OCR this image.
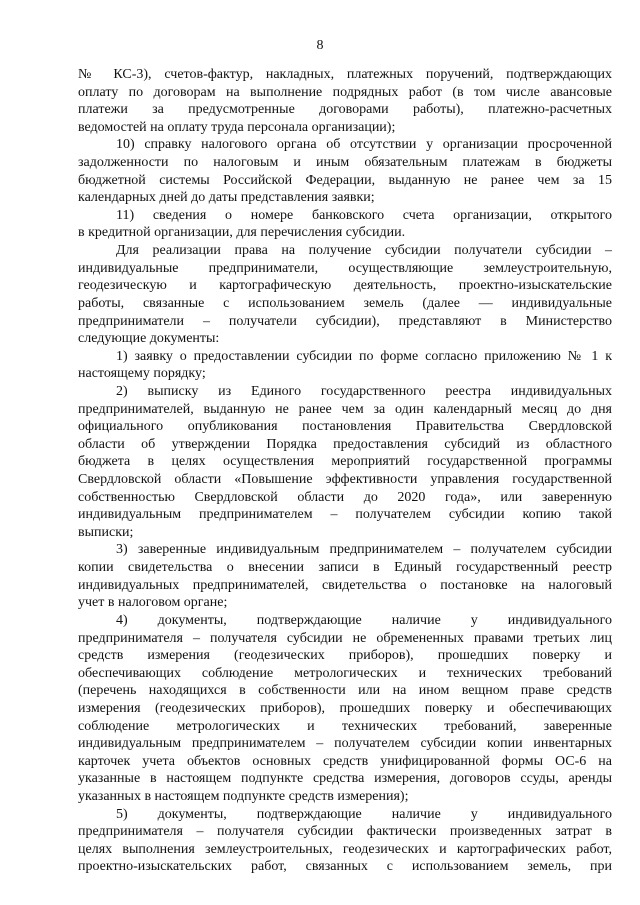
8
№ КС-3), счетов-фактур, накладных, платежных поручений, подтверждающих
оплату по договорам на выполнение подрядных работ (в том числе авансовые
платежи за предусмотренные договорами работы), платежно-расчетных
ведомостей на оплату труда персонала организации);
10) справку налогового органа об отсутствии у организации просроченной
задолженности по налоговым и иным обязательным платежам в бюджеты
бюджетной системы Российской Федерации, выданную не ранее чем за 15
календарных дней до даты представления заявки;
11) сведения о номере банковского счета организации, открытого
в кредитной организации, для перечисления субсидии.
Для реализации права на получение субсидии получатели субсидии –
индивидуальные предприниматели, осуществляющие землеустроительную,
геодезическую и картографическую деятельность, проектно-изыскательские
работы, связанные с использованием земель (далее — индивидуальные
предприниматели – получатели субсидии), представляют в Министерство
следующие документы:
1) заявку о предоставлении субсидии по форме согласно приложению № 1 к
настоящему порядку;
2) выписку из Единого государственного реестра индивидуальных
предпринимателей, выданную не ранее чем за один календарный месяц до дня
официального опубликования постановления Правительства Свердловской
области об утверждении Порядка предоставления субсидий из областного
бюджета в целях осуществления мероприятий государственной программы
Свердловской области «Повышение эффективности управления государственной
собственностью Свердловской области до 2020 года», или заверенную
индивидуальным предпринимателем – получателем субсидии копию такой
выписки;
3) заверенные индивидуальным предпринимателем – получателем субсидии
копии свидетельства о внесении записи в Единый государственный реестр
индивидуальных предпринимателей, свидетельства о постановке на налоговый
учет в налоговом органе;
4) документы, подтверждающие наличие у индивидуального
предпринимателя – получателя субсидии не обремененных правами третьих лиц
средств измерения (геодезических приборов), прошедших поверку и
обеспечивающих соблюдение метрологических и технических требований
(перечень находящихся в собственности или на ином вещном праве средств
измерения (геодезических приборов), прошедших поверку и обеспечивающих
соблюдение метрологических и технических требований, заверенные
индивидуальным предпринимателем – получателем субсидии копии инвентарных
карточек учета объектов основных средств унифицированной формы ОС-6 на
указанные в настоящем подпункте средства измерения, договоров ссуды, аренды
указанных в настоящем подпункте средств измерения);
5) документы, подтверждающие наличие у индивидуального
предпринимателя – получателя субсидии фактически произведенных затрат в
целях выполнения землеустроительных, геодезических и картографических работ,
проектно-изыскательских работ, связанных с использованием земель, при
